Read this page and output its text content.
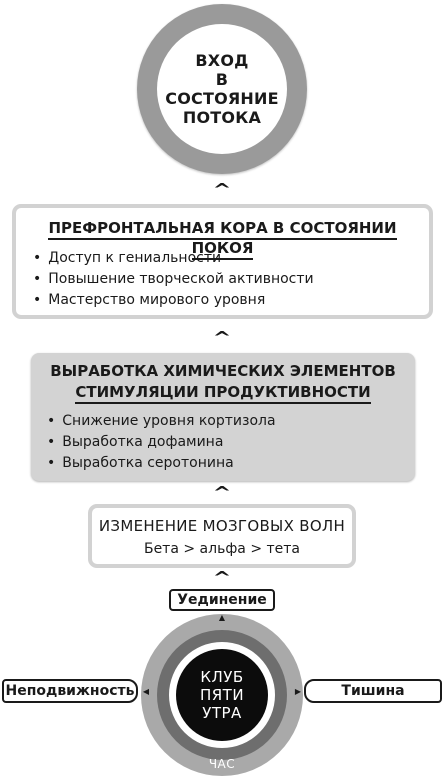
ВХОД
В СОСТОЯНИЕ
ПОТОКА
^
ПРЕФРОНТАЛЬНАЯ КОРА В СОСТОЯНИИ ПОКОЯ
• Доступ к гениальности
• Повышение творческой активности
• Мастерство мирового уровня
^
ВЫРАБОТКА ХИМИЧЕСКИХ ЭЛЕМЕНТОВ
СТИМУЛЯЦИИ ПРОДУКТИВНОСТИ
• Снижение уровня кортизола
• Выработка дофамина
• Выработка серотонина
^
ИЗМЕНЕНИЕ МОЗГОВЫХ ВОЛН
Бета > альфа > тета
^
КЛУБ
ПЯТИ
УТРА
ЧАС
Уединение
▲
Неподвижность	◀	Тишина
▶
